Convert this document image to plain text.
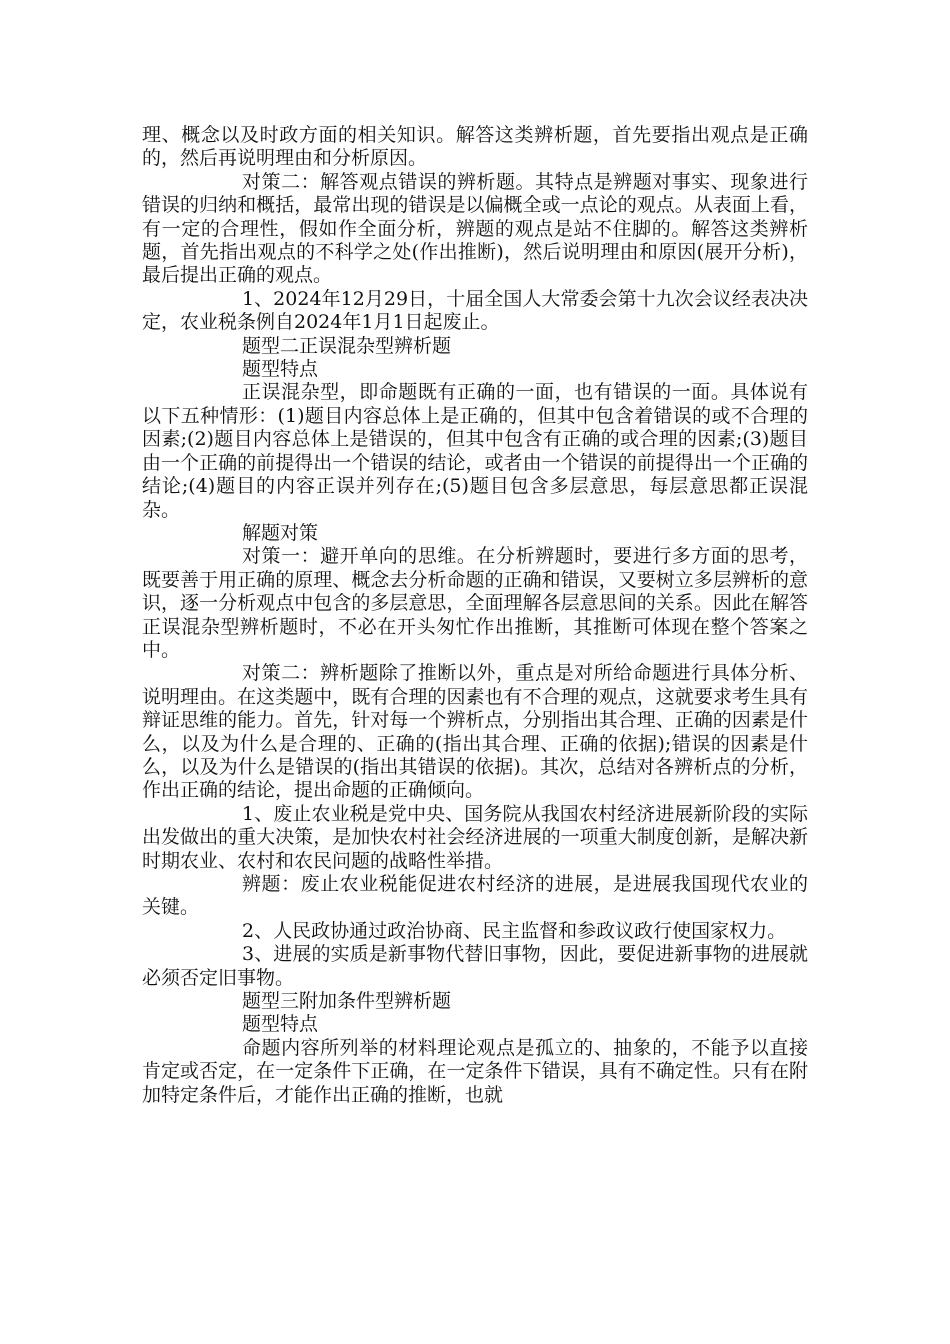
理、概念以及时政方面的相关知识。解答这类辨析题，首先要指出观点是正确的，然后再说明理由和分析原因。

对策二：解答观点错误的辨析题。其特点是辨题对事实、现象进行错误的归纳和概括，最常出现的错误是以偏概全或一点论的观点。从表面上看，有一定的合理性，假如作全面分析，辨题的观点是站不住脚的。解答这类辨析题，首先指出观点的不科学之处(作出推断)，然后说明理由和原因(展开分析)，最后提出正确的观点。

1、2024年12月29日，十届全国人大常委会第十九次会议经表决决定，农业税条例自2024年1月1日起废止。

题型二正误混杂型辨析题

题型特点

正误混杂型，即命题既有正确的一面，也有错误的一面。具体说有以下五种情形：(1)题目内容总体上是正确的，但其中包含着错误的或不合理的因素;(2)题目内容总体上是错误的，但其中包含有正确的或合理的因素;(3)题目由一个正确的前提得出一个错误的结论，或者由一个错误的前提得出一个正确的结论;(4)题目的内容正误并列存在;(5)题目包含多层意思，每层意思都正误混杂。

解题对策

对策一：避开单向的思维。在分析辨题时，要进行多方面的思考，既要善于用正确的原理、概念去分析命题的正确和错误，又要树立多层辨析的意识，逐一分析观点中包含的多层意思，全面理解各层意思间的关系。因此在解答正误混杂型辨析题时，不必在开头匆忙作出推断，其推断可体现在整个答案之中。

对策二：辨析题除了推断以外，重点是对所给命题进行具体分析、说明理由。在这类题中，既有合理的因素也有不合理的观点，这就要求考生具有辩证思维的能力。首先，针对每一个辨析点，分别指出其合理、正确的因素是什么，以及为什么是合理的、正确的(指出其合理、正确的依据);错误的因素是什么，以及为什么是错误的(指出其错误的依据)。其次，总结对各辨析点的分析，作出正确的结论，提出命题的正确倾向。

1、废止农业税是党中央、国务院从我国农村经济进展新阶段的实际出发做出的重大决策，是加快农村社会经济进展的一项重大制度创新，是解决新时期农业、农村和农民问题的战略性举措。

辨题：废止农业税能促进农村经济的进展，是进展我国现代农业的关键。

2、人民政协通过政治协商、民主监督和参政议政行使国家权力。

3、进展的实质是新事物代替旧事物，因此，要促进新事物的进展就必须否定旧事物。

题型三附加条件型辨析题

题型特点

命题内容所列举的材料理论观点是孤立的、抽象的，不能予以直接肯定或否定，在一定条件下正确，在一定条件下错误，具有不确定性。只有在附加特定条件后，才能作出正确的推断，也就
